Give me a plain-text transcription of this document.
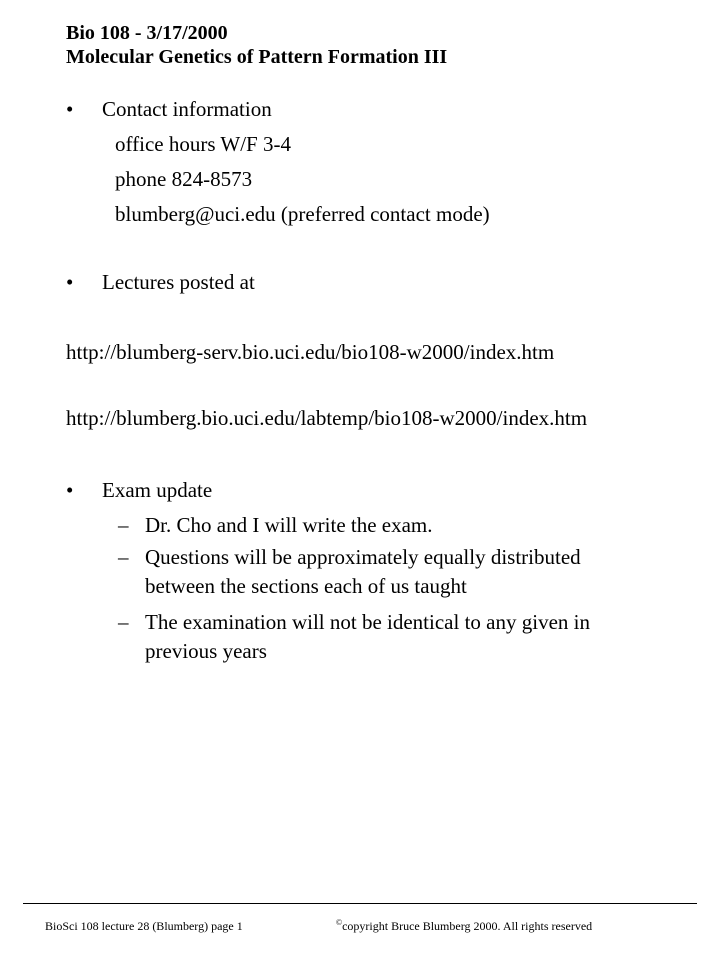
Bio 108 - 3/17/2000
Molecular Genetics of Pattern Formation III
• Contact information
office hours W/F 3-4
phone 824-8573
blumberg@uci.edu (preferred contact mode)
• Lectures posted at
http://blumberg-serv.bio.uci.edu/bio108-w2000/index.htm
http://blumberg.bio.uci.edu/labtemp/bio108-w2000/index.htm
• Exam update
– Dr. Cho and I will write the exam.
– Questions will be approximately equally distributed
between the sections each of us taught
– The examination will not be identical to any given in
previous years
BioSci 108 lecture 28 (Blumberg) page 1	©copyright Bruce Blumberg 2000. All rights reserved
